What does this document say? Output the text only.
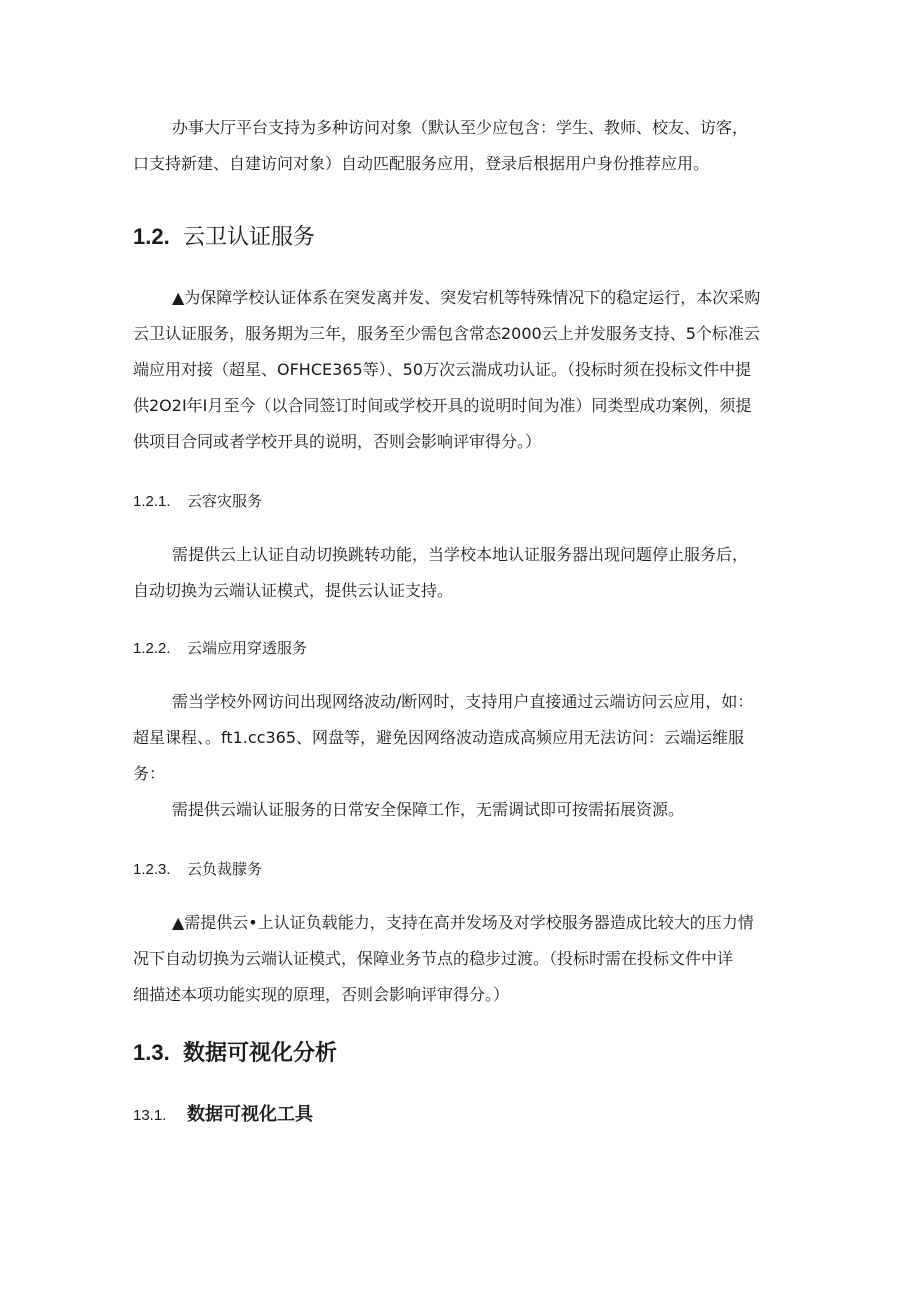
办事大厅平台支持为多种访问对象（默认至少应包含：学生、教师、校友、访客，
口支持新建、自建访问对象）自动匹配服务应用，登录后根据用户身份推荐应用。
1.2. 云卫认证服务
▲为保障学校认证体系在突发离并发、突发宕机等特殊情况下的稳定运行，本次采购
云卫认证服务，服务期为三年，服务至少需包含常态2000云上并发服务支持、5个标准云
端应用对接（超星、OFHCE365等）、50万次云湍成功认证。（投标时须在投标文件中提
供2O2I年I月至今（以合同签订时间或学校开具的说明时间为准）同类型成功案例，须提
供项目合同或者学校开具的说明，否则会影响评审得分。）
1.2.1. 云容灾服务
需提供云上认证自动切换跳转功能，当学校本地认证服务器出现问题停止服务后，
自动切换为云端认证模式，提供云认证支持。
1.2.2. 云端应用穿透服务
需当学校外网访问出现网络波动/断网时，支持用户直接通过云端访问云应用，如：
超星课程、。ft1.cc365、网盘等，避免因网络波动造成高频应用无法访问：云端运维服
务：
需提供云端认证服务的日常安全保障工作，无需调试即可按需拓展资源。
1.2.3. 云负裁朦务
▲需提供云•上认证负载能力，支持在高并发场及对学校服务器造成比较大的压力情
况下自动切换为云端认证模式，保障业务节点的稳步过渡。（投标时需在投标文件中详
细描述本项功能实现的原理，否则会影响评审得分。）
1.3. 数据可视化分析
13.1. 数据可视化工具
